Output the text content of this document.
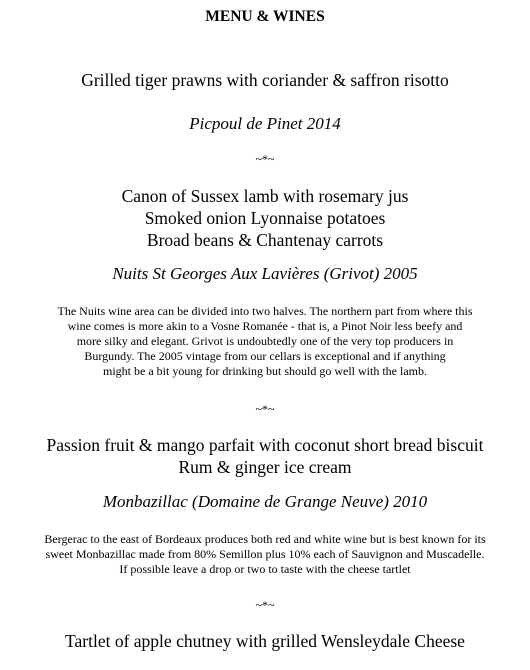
MENU & WINES
Grilled tiger prawns with coriander & saffron risotto
Picpoul de Pinet 2014
~*~
Canon of Sussex lamb with rosemary jus
Smoked onion Lyonnaise potatoes
Broad beans & Chantenay carrots
Nuits St Georges Aux Lavières (Grivot) 2005
The Nuits wine area can be divided into two halves. The northern part from where this
wine comes is more akin to a Vosne Romanée - that is, a Pinot Noir less beefy and
more silky and elegant. Grivot is undoubtedly one of the very top producers in
Burgundy. The 2005 vintage from our cellars is exceptional and if anything
might be a bit young for drinking but should go well with the lamb.
~*~
Passion fruit & mango parfait with coconut short bread biscuit
Rum & ginger ice cream
Monbazillac (Domaine de Grange Neuve) 2010
Bergerac to the east of Bordeaux produces both red and white wine but is best known for its
sweet Monbazillac made from 80% Semillon plus 10% each of Sauvignon and Muscadelle.
If possible leave a drop or two to taste with the cheese tartlet
~*~
Tartlet of apple chutney with grilled Wensleydale Cheese
